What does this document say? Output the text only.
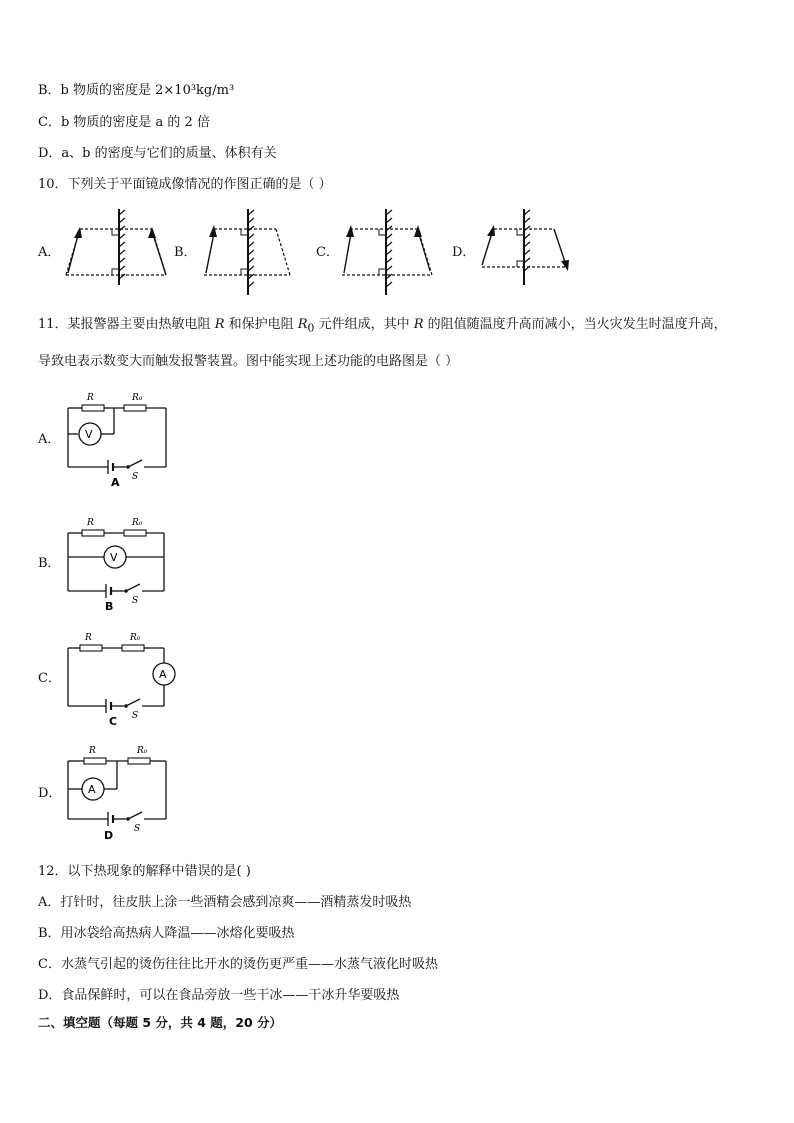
B．b 物质的密度是 2×10³kg/m³
C．b 物质的密度是 a 的 2 倍
D．a、b 的密度与它们的质量、体积有关
10．下列关于平面镜成像情况的作图正确的是（ ）
A．	B．	C．	D．
11．某报警器主要由热敏电阻 R 和保护电阻 $R_0$ 元件组成，其中 R 的阻值随温度升高而减小，当火灾发生时温度升高，
导致电表示数变大而触发报警装置。图中能实现上述功能的电路图是（ ）
A．
B．
C．
D．
R	R₀
V
S
A
R	R₀
V
S
B
R	R₀
A
S
C
R	R₀
A
S
D
12．以下热现象的解释中错误的是( )
A．打针时，往皮肤上涂一些酒精会感到凉爽——酒精蒸发时吸热
B．用冰袋给高热病人降温——冰熔化要吸热
C．水蒸气引起的烫伤往往比开水的烫伤更严重——水蒸气液化时吸热
D．食品保鲜时，可以在食品旁放一些干冰——干冰升华要吸热
二、填空题（每题 5 分，共 4 题，20 分）
